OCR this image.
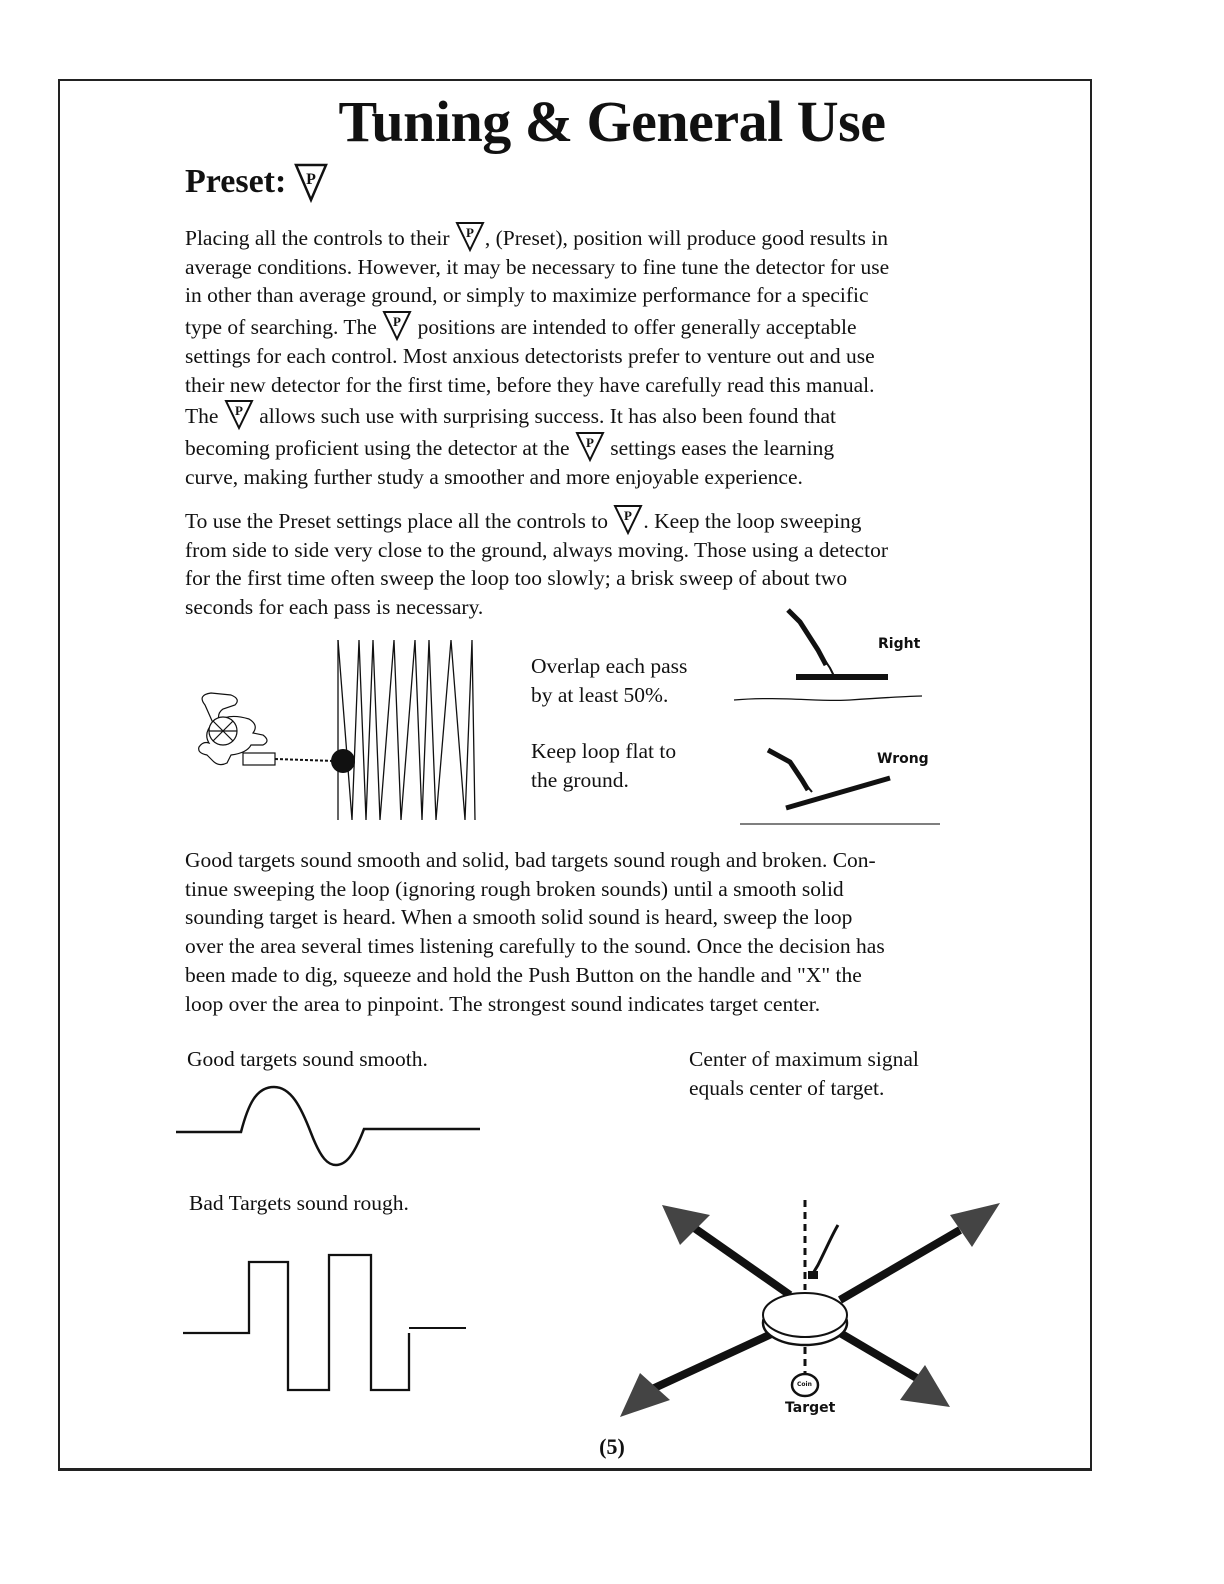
Tuning & General Use
Preset: P
Placing all the controls to their P , (Preset), position will produce good results in
average conditions. However, it may be necessary to fine tune the detector for use
in other than average ground, or simply to maximize performance for a specific
type of searching. The P positions are intended to offer generally acceptable
settings for each control. Most anxious detectorists prefer to venture out and use
their new detector for the first time, before they have carefully read this manual.
The P allows such use with surprising success. It has also been found that
becoming proficient using the detector at the P settings eases the learning
curve, making further study a smoother and more enjoyable experience.
To use the Preset settings place all the controls to P . Keep the loop sweeping
from side to side very close to the ground, always moving. Those using a detector
for the first time often sweep the loop too slowly; a brisk sweep of about two
seconds for each pass is necessary.
Overlap each pass
by at least 50%.
Keep loop flat to
the ground.
Right
Wrong
Good targets sound smooth and solid, bad targets sound rough and broken. Con-
tinue sweeping the loop (ignoring rough broken sounds) until a smooth solid
sounding target is heard. When a smooth solid sound is heard, sweep the loop
over the area several times listening carefully to the sound. Once the decision has
been made to dig, squeeze and hold the Push Button on the handle and "X" the
loop over the area to pinpoint. The strongest sound indicates target center.
Good targets sound smooth.
Bad Targets sound rough.
Center of maximum signal
equals center of target.
Coin
Target
(5)
